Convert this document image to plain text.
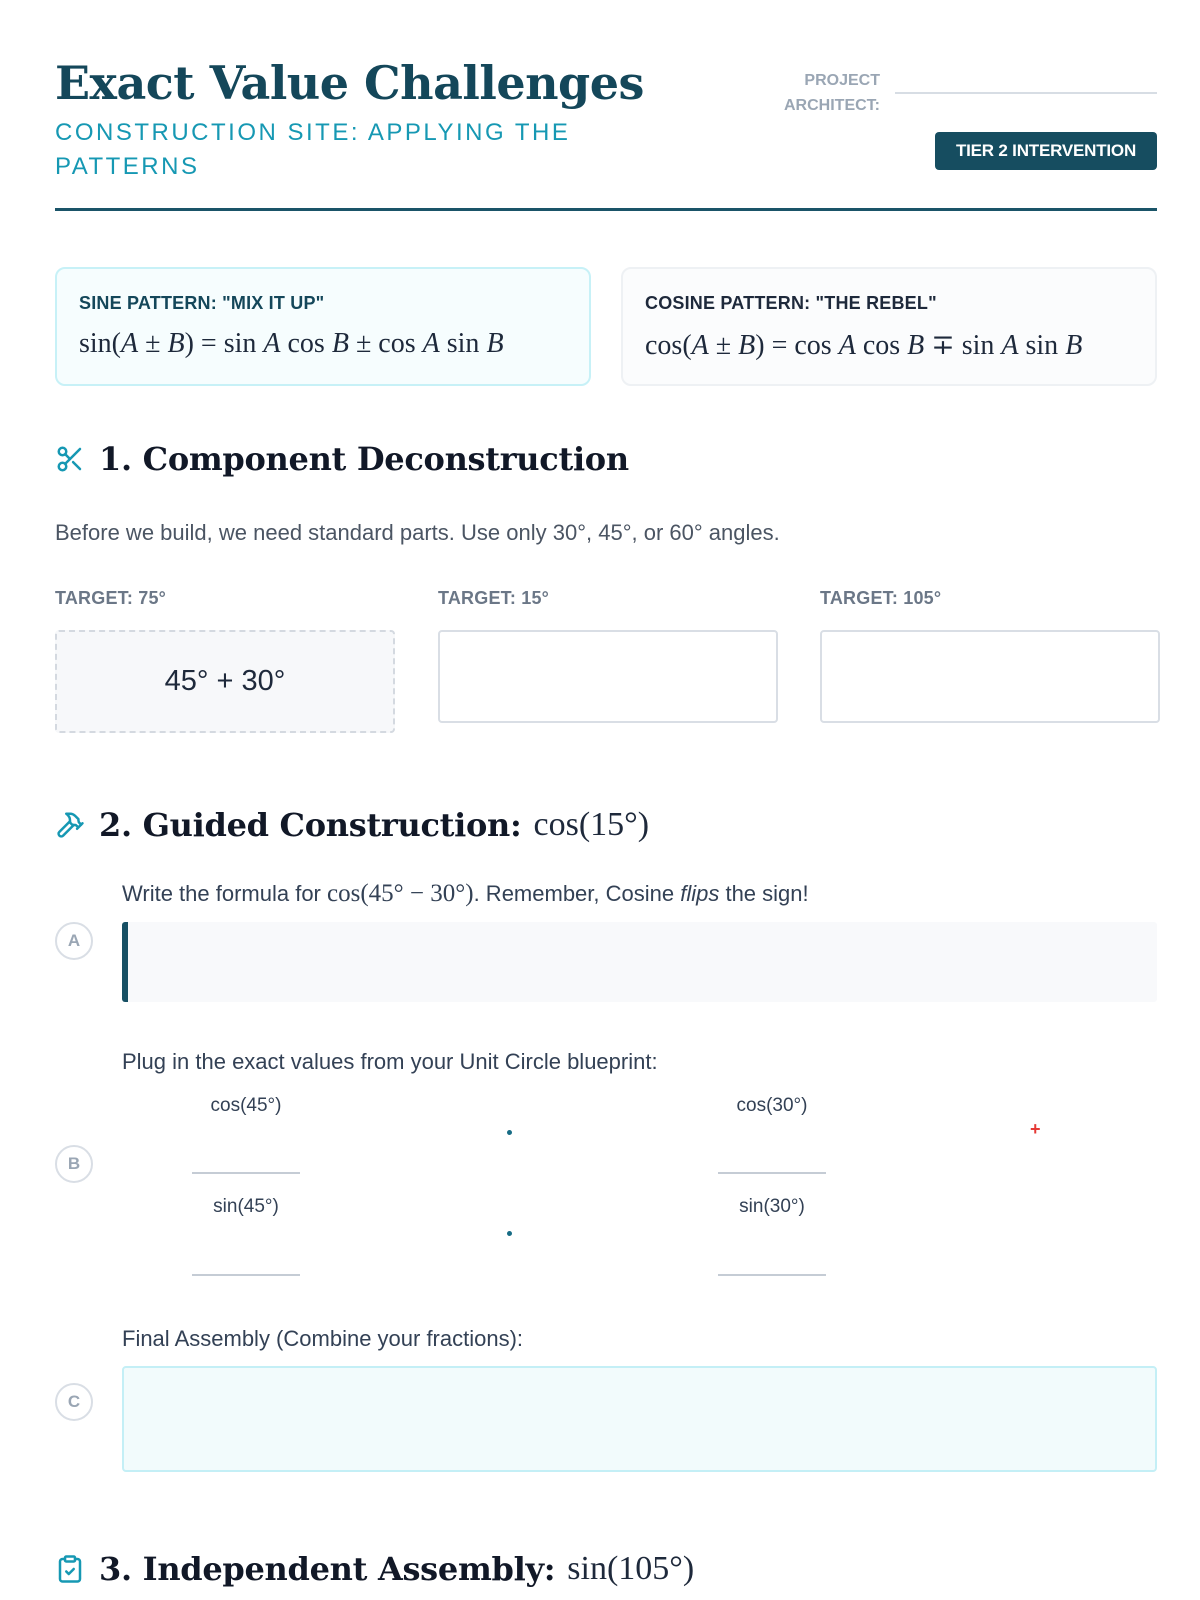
Exact Value Challenges
CONSTRUCTION SITE: APPLYING THE PATTERNS
PROJECT ARCHITECT:
TIER 2 INTERVENTION
SINE PATTERN: "MIX IT UP"
sin(A ± B) = sin A cos B ± cos A sin B
COSINE PATTERN: "THE REBEL"
cos(A ± B) = cos A cos B ∓ sin A sin B
1. Component Deconstruction
Before we build, we need standard parts. Use only 30°, 45°, or 60° angles.
TARGET: 75°	TARGET: 15°	TARGET: 105°
45° + 30°
2. Guided Construction: cos(15°)
Write the formula for cos(45° − 30°). Remember, Cosine flips the sign!
A
Plug in the exact values from your Unit Circle blueprint:
B
cos(45°)	cos(30°)
+
sin(45°)	sin(30°)
Final Assembly (Combine your fractions):
C
3. Independent Assembly: sin(105°)
